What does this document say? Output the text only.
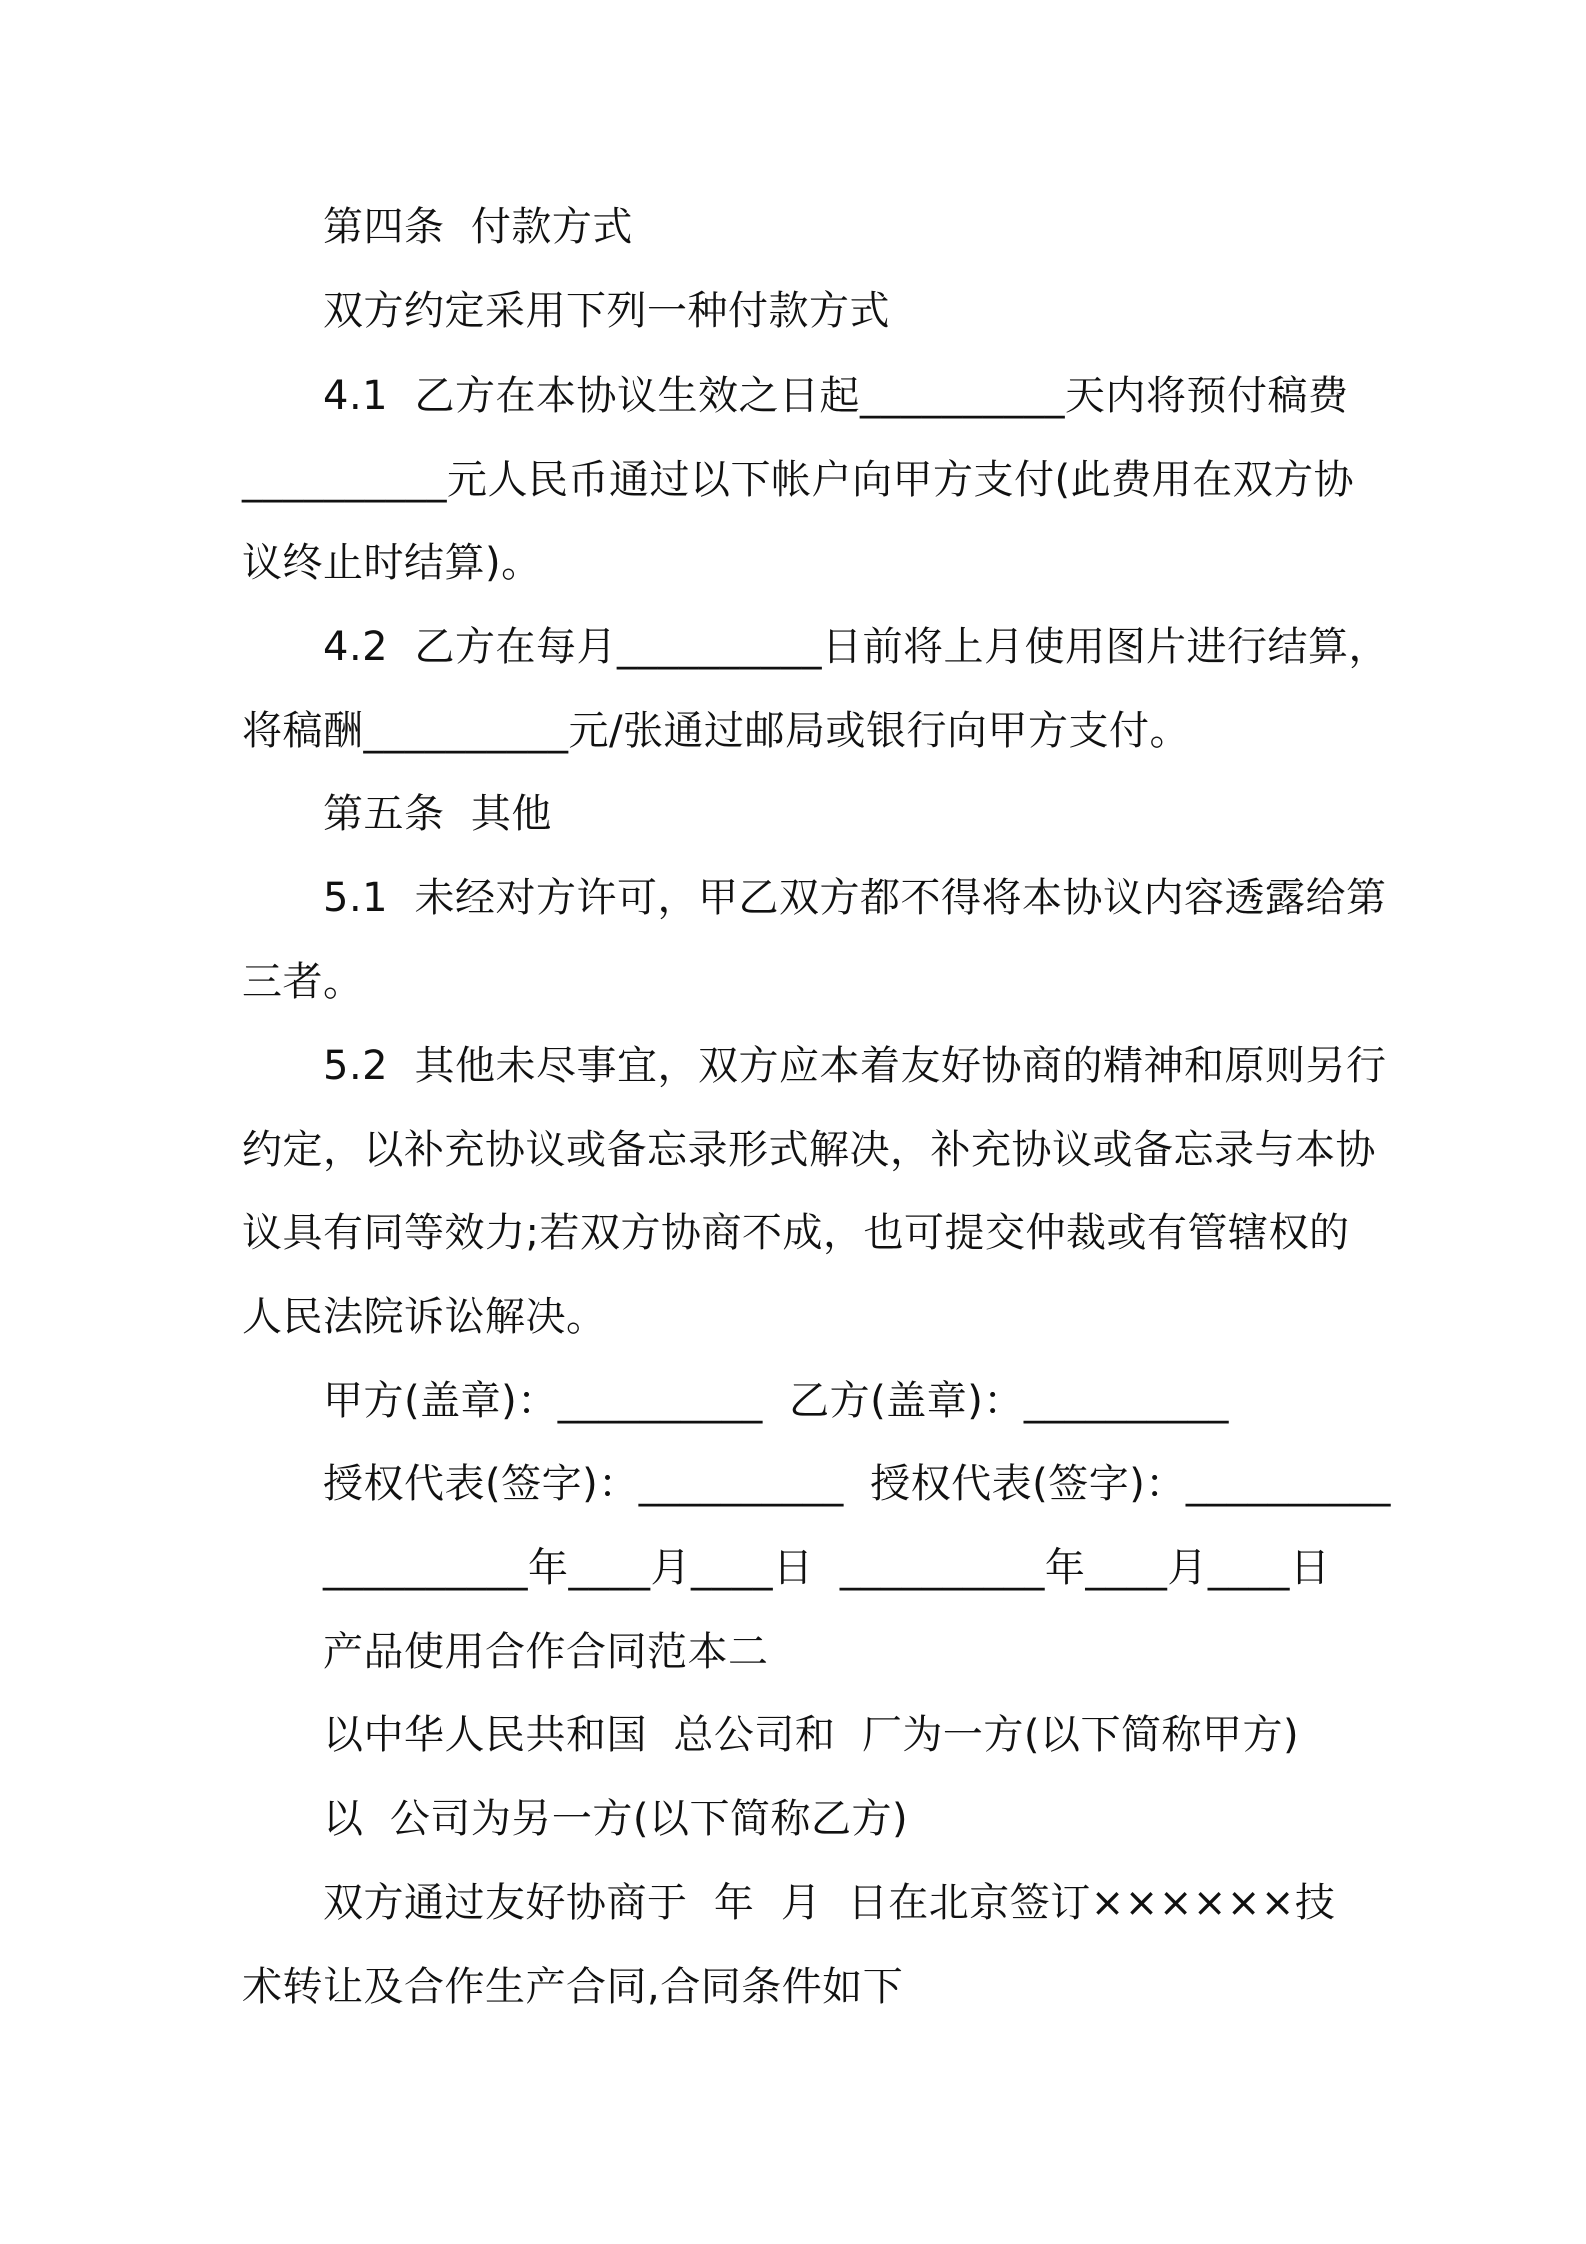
第四条  付款方式
双方约定采用下列一种付款方式
4.1  乙方在本协议生效之日起__________天内将预付稿费
__________元人民币通过以下帐户向甲方支付(此费用在双方协
议终止时结算)。
4.2  乙方在每月__________日前将上月使用图片进行结算，
将稿酬__________元/张通过邮局或银行向甲方支付。
第五条  其他
5.1  未经对方许可，甲乙双方都不得将本协议内容透露给第
三者。
5.2  其他未尽事宜，双方应本着友好协商的精神和原则另行
约定，以补充协议或备忘录形式解决，补充协议或备忘录与本协
议具有同等效力;若双方协商不成，也可提交仲裁或有管辖权的
人民法院诉讼解决。
甲方(盖章)：__________  乙方(盖章)：__________
授权代表(签字)：__________  授权代表(签字)：__________
__________年____月____日  __________年____月____日
产品使用合作合同范本二
以中华人民共和国  总公司和  厂为一方(以下简称甲方)
以  公司为另一方(以下简称乙方)
双方通过友好协商于  年  月  日在北京签订××××××技
术转让及合作生产合同,合同条件如下
